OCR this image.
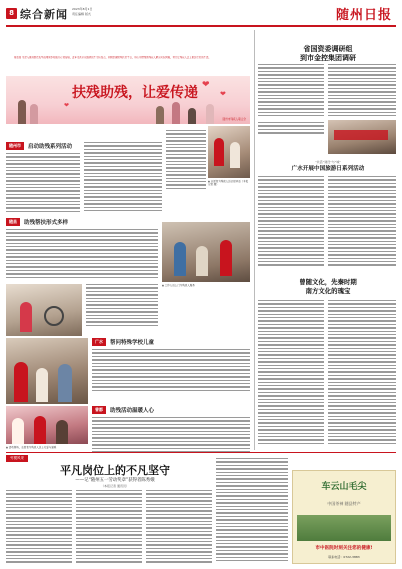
8 综合新闻 2023年8月1日
责任编辑 版式	随州日报
编者按 为深入推进脱贫攻坚成果同乡村振兴有效衔接，近年来我市以服务民生为出发点，积极搭建助残扶贫平台，用心用情帮助残疾人解决实际困难，努力让残疾人过上更加美好的生活。
扶残助残，让爱传递 ❤
❤
❤
随州市残疾人联合会
随州市	启动助残系列活动
▲ 志愿者为残疾人送去慰问品（本报记者 摄）
随县	助残帮扶形式多样
▲ 工作人员上门为残疾人服务
广水	帮问特殊学校儿童
曾都	助残活动温暖人心
▲ 活动现场，志愿者为残疾人送上关爱与温暖
省国资委调研组
到市金控集团调研
“共话”建设”与“城”
广水开展中国旅游日系列活动
曾随文化，先秦时期
南方文化的瑰宝
劳模风采
平凡岗位上的不凡坚守
——记“随州五一劳动奖章”获得者陈秀娥
（本报记者 通讯员）	车云山毛尖
中国茶神 随县特产
市中医院时刻关注您的健康!
联系电话：0722-3883
